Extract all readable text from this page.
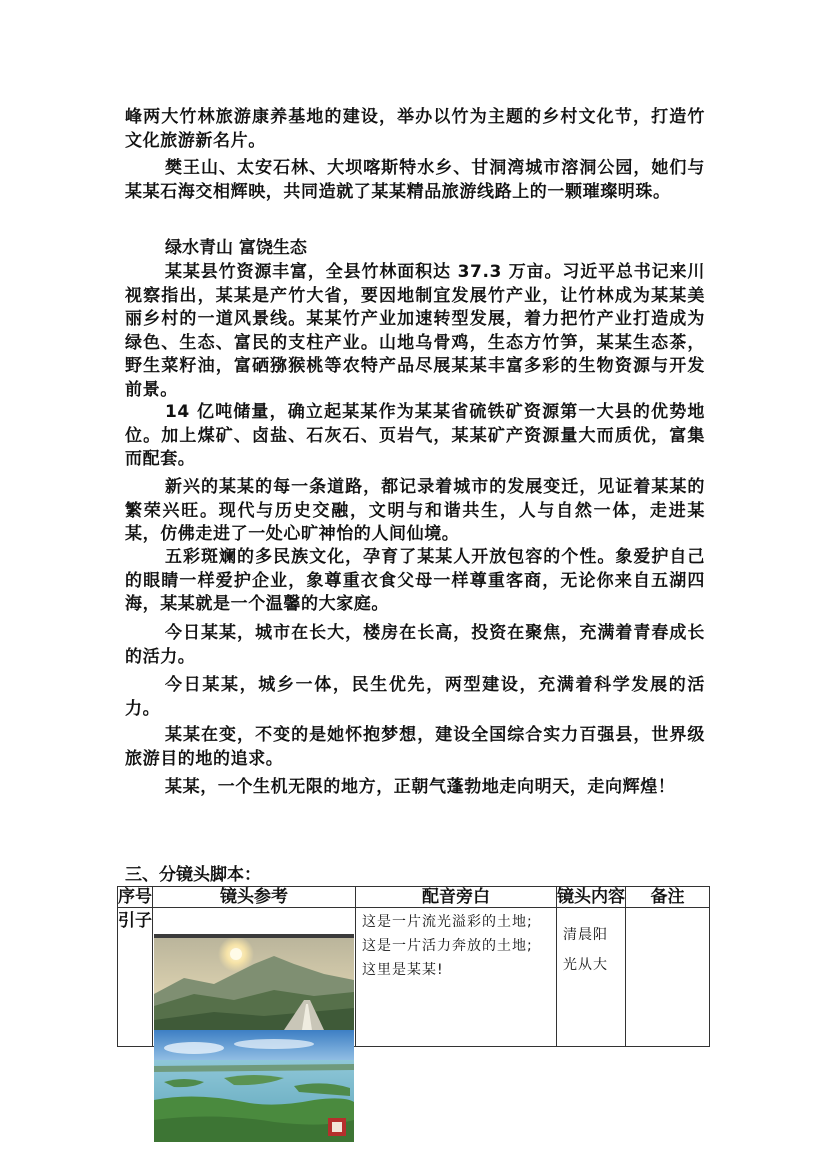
峰两大竹林旅游康养基地的建设，举办以竹为主题的乡村文化节，打造竹文化旅游新名片。

樊王山、太安石林、大坝喀斯特水乡、甘洞湾城市溶洞公园，她们与某某石海交相辉映，共同造就了某某精品旅游线路上的一颗璀璨明珠。

绿水青山 富饶生态

某某县竹资源丰富，全县竹林面积达 37.3 万亩。习近平总书记来川视察指出，某某是产竹大省，要因地制宜发展竹产业，让竹林成为某某美丽乡村的一道风景线。某某竹产业加速转型发展，着力把竹产业打造成为绿色、生态、富民的支柱产业。山地乌骨鸡，生态方竹笋，某某生态茶，野生菜籽油，富硒猕猴桃等农特产品尽展某某丰富多彩的生物资源与开发前景。

14 亿吨储量，确立起某某作为某某省硫铁矿资源第一大县的优势地位。加上煤矿、卤盐、石灰石、页岩气，某某矿产资源量大而质优，富集而配套。

新兴的某某的每一条道路，都记录着城市的发展变迁，见证着某某的繁荣兴旺。现代与历史交融，文明与和谐共生，人与自然一体，走进某某，仿佛走进了一处心旷神怡的人间仙境。

五彩斑斓的多民族文化，孕育了某某人开放包容的个性。象爱护自己的眼睛一样爱护企业，象尊重衣食父母一样尊重客商，无论你来自五湖四海，某某就是一个温馨的大家庭。

今日某某，城市在长大，楼房在长高，投资在聚焦，充满着青春成长的活力。

今日某某，城乡一体，民生优先，两型建设，充满着科学发展的活力。

某某在变，不变的是她怀抱梦想，建设全国综合实力百强县，世界级旅游目的地的追求。

某某，一个生机无限的地方，正朝气蓬勃地走向明天，走向辉煌！

三、分镜头脚本：

序号	镜头参考	配音旁白	镜头内容	备注
引子		这是一片流光溢彩的土地;

这是一片活力奔放的土地;

这里是某某!	清晨阳光从大	
